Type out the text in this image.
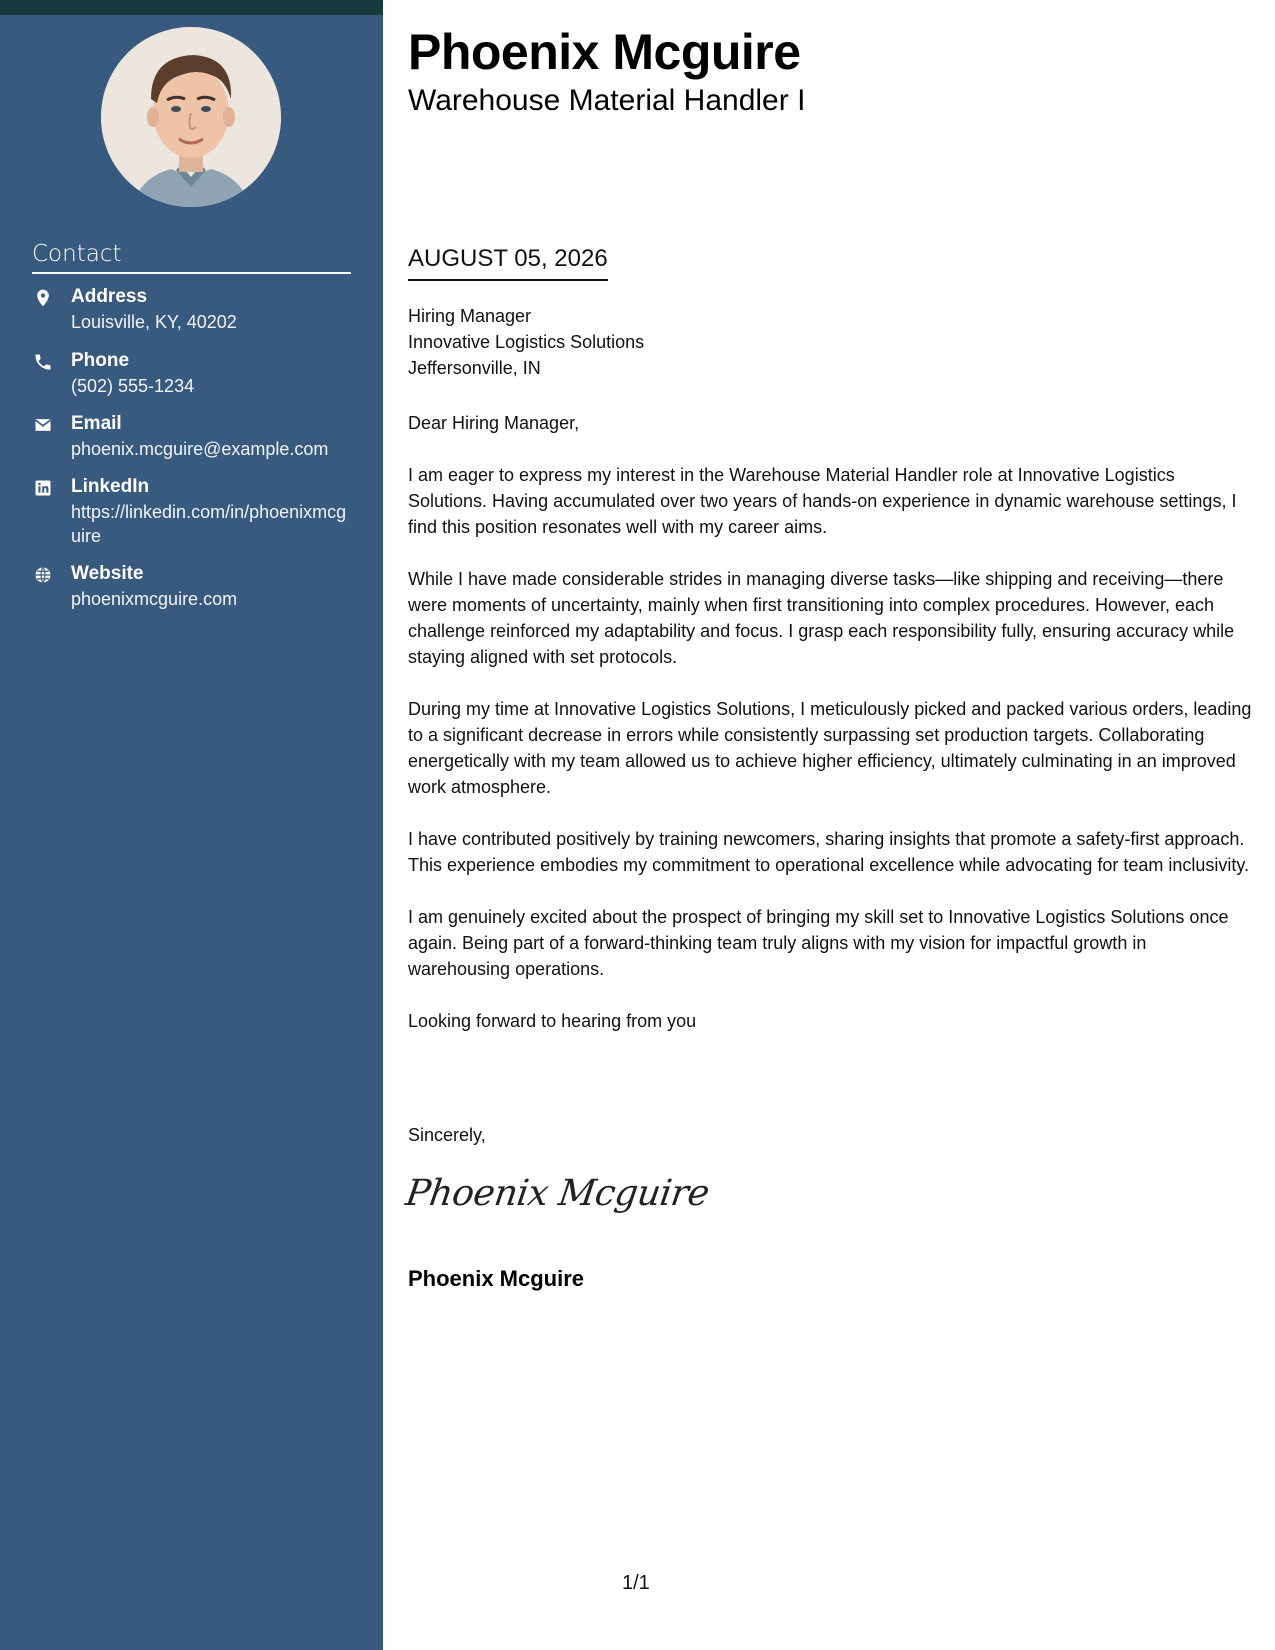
Contact
Address
Louisville, KY, 40202
Phone
(502) 555-1234
Email
phoenix.mcguire@example.com
LinkedIn
https://linkedin.com/in/phoenixmcguire
Website
phoenixmcguire.com
Phoenix Mcguire
Warehouse Material Handler I
AUGUST 05, 2026
Hiring Manager
Innovative Logistics Solutions
Jeffersonville, IN

Dear Hiring Manager,

I am eager to express my interest in the Warehouse Material Handler role at Innovative Logistics Solutions. Having accumulated over two years of hands-on experience in dynamic warehouse settings, I find this position resonates well with my career aims.

While I have made considerable strides in managing diverse tasks—like shipping and receiving—there were moments of uncertainty, mainly when first transitioning into complex procedures. However, each challenge reinforced my adaptability and focus. I grasp each responsibility fully, ensuring accuracy while staying aligned with set protocols.

During my time at Innovative Logistics Solutions, I meticulously picked and packed various orders, leading to a significant decrease in errors while consistently surpassing set production targets. Collaborating energetically with my team allowed us to achieve higher efficiency, ultimately culminating in an improved work atmosphere.

I have contributed positively by training newcomers, sharing insights that promote a safety-first approach. This experience embodies my commitment to operational excellence while advocating for team inclusivity.

I am genuinely excited about the prospect of bringing my skill set to Innovative Logistics Solutions once again. Being part of a forward-thinking team truly aligns with my vision for impactful growth in warehousing operations.

Looking forward to hearing from you

Sincerely,
Phoenix Mcguire
Phoenix Mcguire
1/1
